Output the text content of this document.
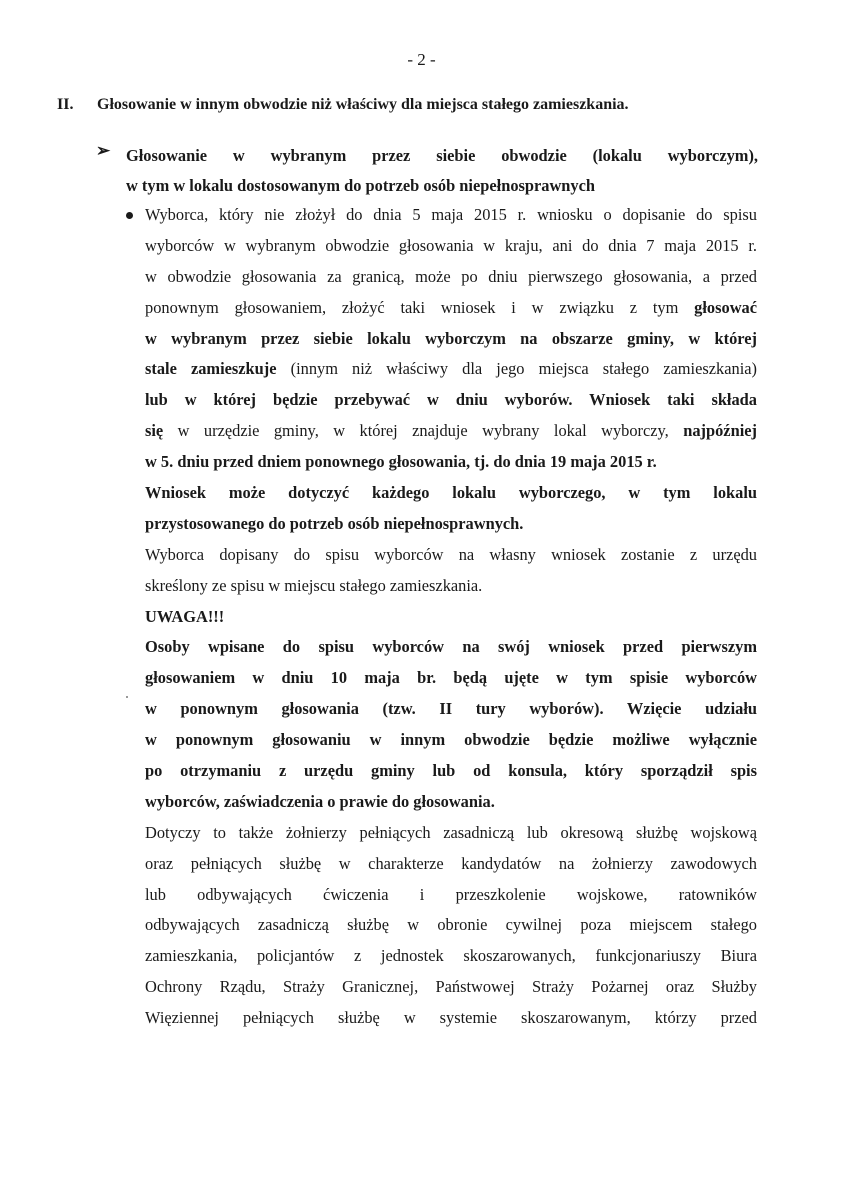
- 2 -
II. Głosowanie w innym obwodzie niż właściwy dla miejsca stałego zamieszkania.
➢ Głosowanie w wybranym przez siebie obwodzie (lokalu wyborczym),
w tym w lokalu dostosowanym do potrzeb osób niepełnosprawnych
Wyborca, który nie złożył do dnia 5 maja 2015 r. wniosku o dopisanie do spisu
wyborców w wybranym obwodzie głosowania w kraju, ani do dnia 7 maja 2015 r.
w obwodzie głosowania za granicą, może po dniu pierwszego głosowania, a przed
ponownym głosowaniem, złożyć taki wniosek i w związku z tym głosować
w wybranym przez siebie lokalu wyborczym na obszarze gminy, w której
stale zamieszkuje (innym niż właściwy dla jego miejsca stałego zamieszkania)
lub w której będzie przebywać w dniu wyborów. Wniosek taki składa
się w urzędzie gminy, w której znajduje wybrany lokal wyborczy, najpóźniej
w 5. dniu przed dniem ponownego głosowania, tj. do dnia 19 maja 2015 r.
Wniosek może dotyczyć każdego lokalu wyborczego, w tym lokalu
przystosowanego do potrzeb osób niepełnosprawnych.
Wyborca dopisany do spisu wyborców na własny wniosek zostanie z urzędu
skreślony ze spisu w miejscu stałego zamieszkania.
UWAGA!!!
Osoby wpisane do spisu wyborców na swój wniosek przed pierwszym
głosowaniem w dniu 10 maja br. będą ujęte w tym spisie wyborców
w ponownym głosowania (tzw. II tury wyborów). Wzięcie udziału
w ponownym głosowaniu w innym obwodzie będzie możliwe wyłącznie
po otrzymaniu z urzędu gminy lub od konsula, który sporządził spis
wyborców, zaświadczenia o prawie do głosowania.
Dotyczy to także żołnierzy pełniących zasadniczą lub okresową służbę wojskową
oraz pełniących służbę w charakterze kandydatów na żołnierzy zawodowych
lub odbywających ćwiczenia i przeszkolenie wojskowe, ratowników
odbywających zasadniczą służbę w obronie cywilnej poza miejscem stałego
zamieszkania, policjantów z jednostek skoszarowanych, funkcjonariuszy Biura
Ochrony Rządu, Straży Granicznej, Państwowej Straży Pożarnej oraz Służby
Więziennej pełniących służbę w systemie skoszarowanym, którzy przed
